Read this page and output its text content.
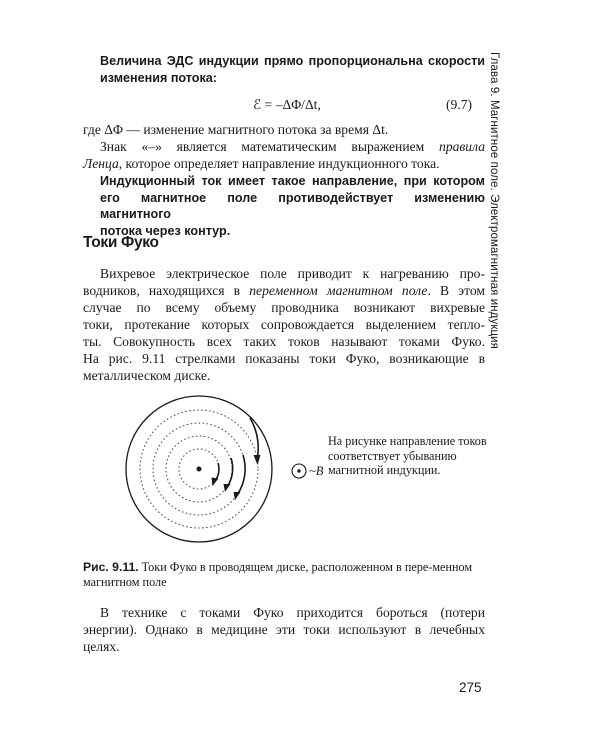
Глава 9. Магнитное поле. Электромагнитная индукция
Величина ЭДС индукции прямо пропорциональна скорости
изменения потока:
ℰ = –ΔΦ/Δt,	(9.7)
где ΔΦ — изменение магнитного потока за время Δt.
Знак «–» является математическим выражением правила
Ленца, которое определяет направление индукционного тока.
Индукционный ток имеет такое направление, при котором
его магнитное поле противодействует изменению магнитного
потока через контур.
Токи Фуко
Вихревое электрическое поле приводит к нагреванию про-
водников, находящихся в переменном магнитном поле. В этом
случае по всему объему проводника возникают вихревые
токи, протекание которых сопровождается выделением тепло-
ты. Совокупность всех таких токов называют токами Фуко.
На рис. 9.11 стрелками показаны токи Фуко, возникающие в
металлическом диске.
~B
На рисунке направление токов соответствует убыванию магнитной индукции.
Рис. 9.11. Токи Фуко в проводящем диске, расположенном в пере-менном магнитном поле
В технике с токами Фуко приходится бороться (потери
энергии). Однако в медицине эти токи используют в лечебных
целях.
275
